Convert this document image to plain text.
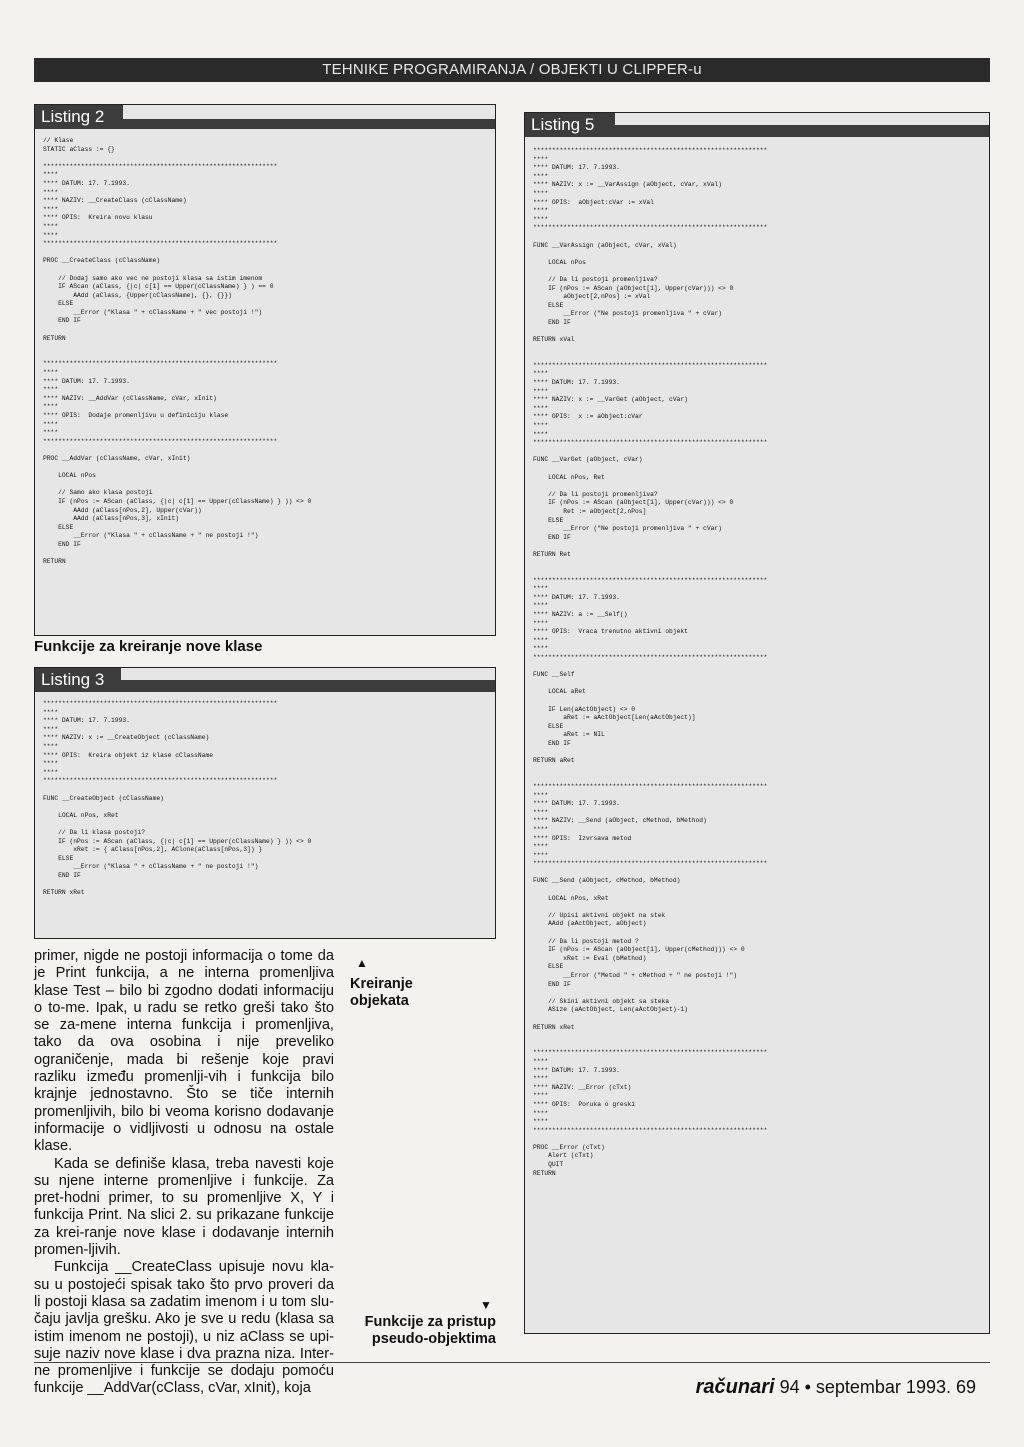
TEHNIKE PROGRAMIRANJA / OBJEKTI U CLIPPER-u
Listing 2
// Klase
STATIC aClass := {}

**************************************************************
****
**** DATUM: 17. 7.1993.
****
**** NAZIV: __CreateClass (cClassName)
****
**** OPIS:  Kreira novu klasu
****
****
**************************************************************

PROC __CreateClass (cClassName)

// Dodaj samo ako vec ne postoji klasa sa istim imenom
IF AScan (aClass, {|c| c[1] == Upper(cClassName) } ) == 0
AAdd (aClass, {Upper(cClassName), {}, {}})
ELSE
__Error ("Klasa " + cClassName + " vec postoji !")
END IF

RETURN

**************************************************************
****
**** DATUM: 17. 7.1993.
****
**** NAZIV: __AddVar (cClassName, cVar, xInit)
****
**** OPIS:  Dodaje promenljivu u definiciju klase
****
****
**************************************************************

PROC __AddVar (cClassName, cVar, xInit)

LOCAL nPos

// Samo ako klasa postoji
IF (nPos := AScan (aClass, {|c| c[1] == Upper(cClassName) } )) <> 0
AAdd (aClass[nPos,2], Upper(cVar))
AAdd (aClass[nPos,3], xInit)
ELSE
__Error ("Klasa " + cClassName + " ne postoji !")
END IF

RETURN
Funkcije za kreiranje nove klase
Listing 3
**************************************************************
****
**** DATUM: 17. 7.1993.
****
**** NAZIV: x := __CreateObject (cClassName)
****
**** OPIS:  Kreira objekt iz klase cClassName
****
****
**************************************************************

FUNC __CreateObject (cClassName)

LOCAL nPos, xRet

// Da li klasa postoji?
IF (nPos := AScan (aClass, {|c| c[1] == Upper(cClassName) } )) <> 0
xRet := { aClass[nPos,2], AClone(aClass[nPos,3]) }
ELSE
__Error ("Klasa " + cClassName + " ne postoji !")
END IF

RETURN xRet
Listing 5
**************************************************************
****
**** DATUM: 17. 7.1993.
****
**** NAZIV: x := __VarAssign (aObject, cVar, xVal)
****
**** OPIS:  aObject:cVar := xVal
****
****
**************************************************************

FUNC __VarAssign (aObject, cVar, xVal)

LOCAL nPos

// Da li postoji promenljiva?
IF (nPos := AScan (aObject[1], Upper(cVar))) <> 0
aObject[2,nPos] := xVal
ELSE
__Error ("Ne postoji promenljiva " + cVar)
END IF

RETURN xVal

**************************************************************
****
**** DATUM: 17. 7.1993.
****
**** NAZIV: x := __VarGet (aObject, cVar)
****
**** OPIS:  x := aObject:cVar
****
****
**************************************************************

FUNC __VarGet (aObject, cVar)

LOCAL nPos, Ret

// Da li postoji promenljiva?
IF (nPos := AScan (aObject[1], Upper(cVar))) <> 0
Ret := aObject[2,nPos]
ELSE
__Error ("Ne postoji promenljiva " + cVar)
END IF

RETURN Ret

**************************************************************
****
**** DATUM: 17. 7.1993.
****
**** NAZIV: a := __Self()
****
**** OPIS:  Vraca trenutno aktivni objekt
****
****
**************************************************************

FUNC __Self

LOCAL aRet

IF Len(aActObject) <> 0
aRet := aActObject[Len(aActObject)]
ELSE
aRet := NIL
END IF

RETURN aRet

**************************************************************
****
**** DATUM: 17. 7.1993.
****
**** NAZIV: __Send (aObject, cMethod, bMethod)
****
**** OPIS:  Izvrsava metod
****
****
**************************************************************

FUNC __Send (aObject, cMethod, bMethod)

LOCAL nPos, xRet

// Upisi aktivni objekt na stek
AAdd (aActObject, aObject)

// Da li postoji metod ?
IF (nPos := AScan (aObject[1], Upper(cMethod))) <> 0
xRet := Eval (bMethod)
ELSE
__Error ("Metod " + cMethod + " ne postoji !")
END IF

// Skini aktivni objekt sa steka
ASize (aActObject, Len(aActObject)-1)

RETURN xRet

**************************************************************
****
**** DATUM: 17. 7.1993.
****
**** NAZIV: __Error (cTxt)
****
**** OPIS:  Poruka o greski
****
****
**************************************************************

PROC __Error (cTxt)
Alert (cTxt)
QUIT
RETURN

primer, nigde ne postoji informacija o tome da je Print funkcija, a ne interna promenljiva klase Test – bilo bi zgodno dodati informaciju o to-me. Ipak, u radu se retko greši tako što se za-mene interna funkcija i promenljiva, tako da ova osobina i nije preveliko ograničenje, mada bi rešenje koje pravi razliku između promenlji-vih i funkcija bilo krajnje jednostavno. Što se tiče internih promenljivih, bilo bi veoma korisno dodavanje informacije o vidljivosti u odnosu na ostale klase.

Kada se definiše klasa, treba navesti koje su njene interne promenljive i funkcije. Za pret-hodni primer, to su promenljive X, Y i funkcija Print. Na slici 2. su prikazane funkcije za krei-ranje nove klase i dodavanje internih promen-ljivih.

Funkcija __CreateClass upisuje novu kla-su u postojeći spisak tako što prvo proveri da li postoji klasa sa zadatim imenom i u tom slu-čaju javlja grešku. Ako je sve u redu (klasa sa istim imenom ne postoji), u niz aClass se upi-suje naziv nove klase i dva prazna niza. Inter-ne promenljive i funkcije se dodaju pomoću funkcije __AddVar(cClass, cVar, xInit), koja

▲
Kreiranje objekata
▼
Funkcije za pristup pseudo-objektima
računari 94 • septembar 1993. 69
